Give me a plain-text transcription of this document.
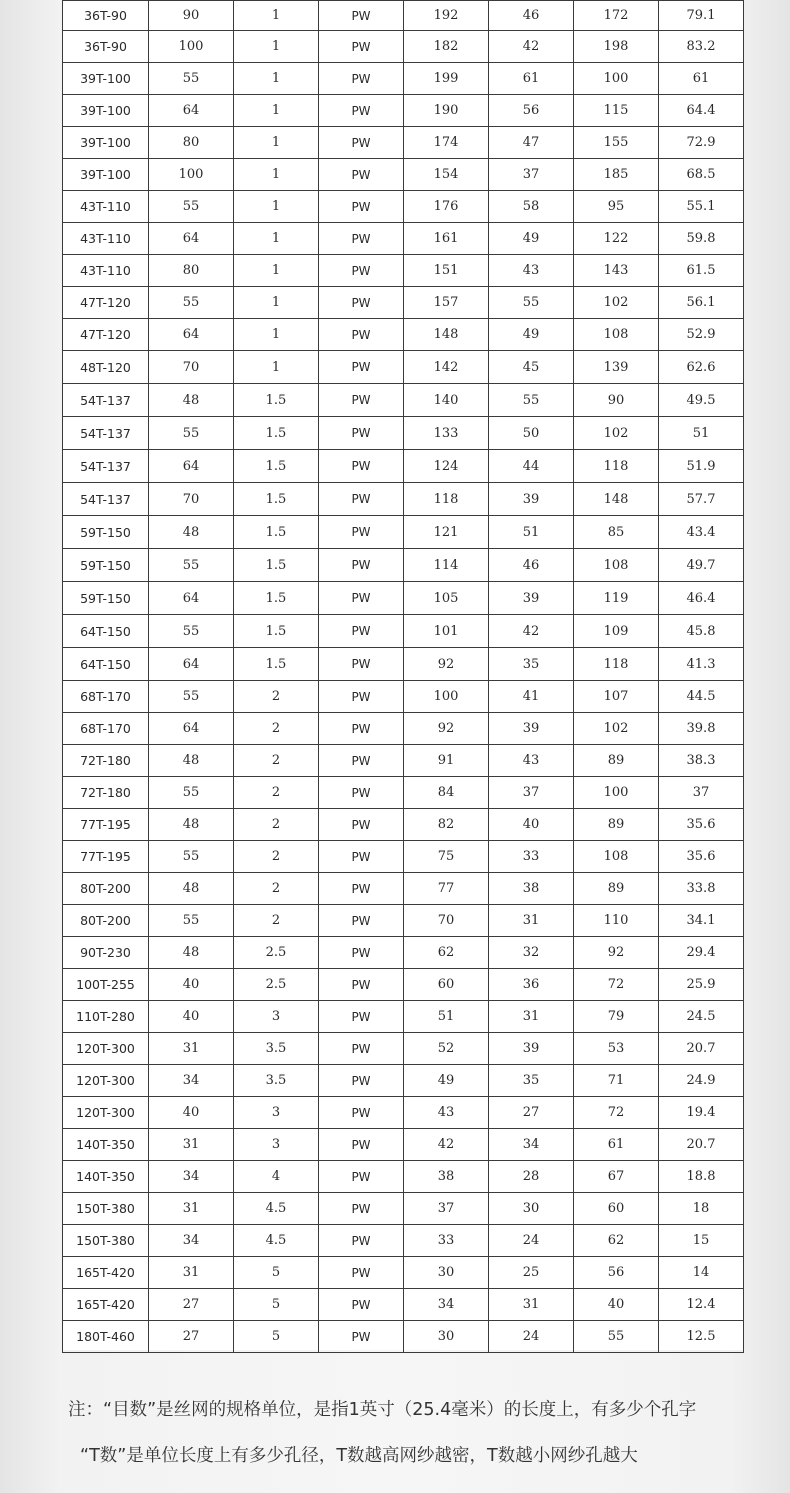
36T-90	90	1	PW	192	46	172	79.1
36T-90	100	1	PW	182	42	198	83.2
39T-100	55	1	PW	199	61	100	61
39T-100	64	1	PW	190	56	115	64.4
39T-100	80	1	PW	174	47	155	72.9
39T-100	100	1	PW	154	37	185	68.5
43T-110	55	1	PW	176	58	95	55.1
43T-110	64	1	PW	161	49	122	59.8
43T-110	80	1	PW	151	43	143	61.5
47T-120	55	1	PW	157	55	102	56.1
47T-120	64	1	PW	148	49	108	52.9
48T-120	70	1	PW	142	45	139	62.6
54T-137	48	1.5	PW	140	55	90	49.5
54T-137	55	1.5	PW	133	50	102	51
54T-137	64	1.5	PW	124	44	118	51.9
54T-137	70	1.5	PW	118	39	148	57.7
59T-150	48	1.5	PW	121	51	85	43.4
59T-150	55	1.5	PW	114	46	108	49.7
59T-150	64	1.5	PW	105	39	119	46.4
64T-150	55	1.5	PW	101	42	109	45.8
64T-150	64	1.5	PW	92	35	118	41.3
68T-170	55	2	PW	100	41	107	44.5
68T-170	64	2	PW	92	39	102	39.8
72T-180	48	2	PW	91	43	89	38.3
72T-180	55	2	PW	84	37	100	37
77T-195	48	2	PW	82	40	89	35.6
77T-195	55	2	PW	75	33	108	35.6
80T-200	48	2	PW	77	38	89	33.8
80T-200	55	2	PW	70	31	110	34.1
90T-230	48	2.5	PW	62	32	92	29.4
100T-255	40	2.5	PW	60	36	72	25.9
110T-280	40	3	PW	51	31	79	24.5
120T-300	31	3.5	PW	52	39	53	20.7
120T-300	34	3.5	PW	49	35	71	24.9
120T-300	40	3	PW	43	27	72	19.4
140T-350	31	3	PW	42	34	61	20.7
140T-350	34	4	PW	38	28	67	18.8
150T-380	31	4.5	PW	37	30	60	18
150T-380	34	4.5	PW	33	24	62	15
165T-420	31	5	PW	30	25	56	14
165T-420	27	5	PW	34	31	40	12.4
180T-460	27	5	PW	30	24	55	12.5
注：“目数”是丝网的规格单位，是指1英寸（25.4毫米）的长度上，有多少个孔字
“T数”是单位长度上有多少孔径，T数越高网纱越密，T数越小网纱孔越大
